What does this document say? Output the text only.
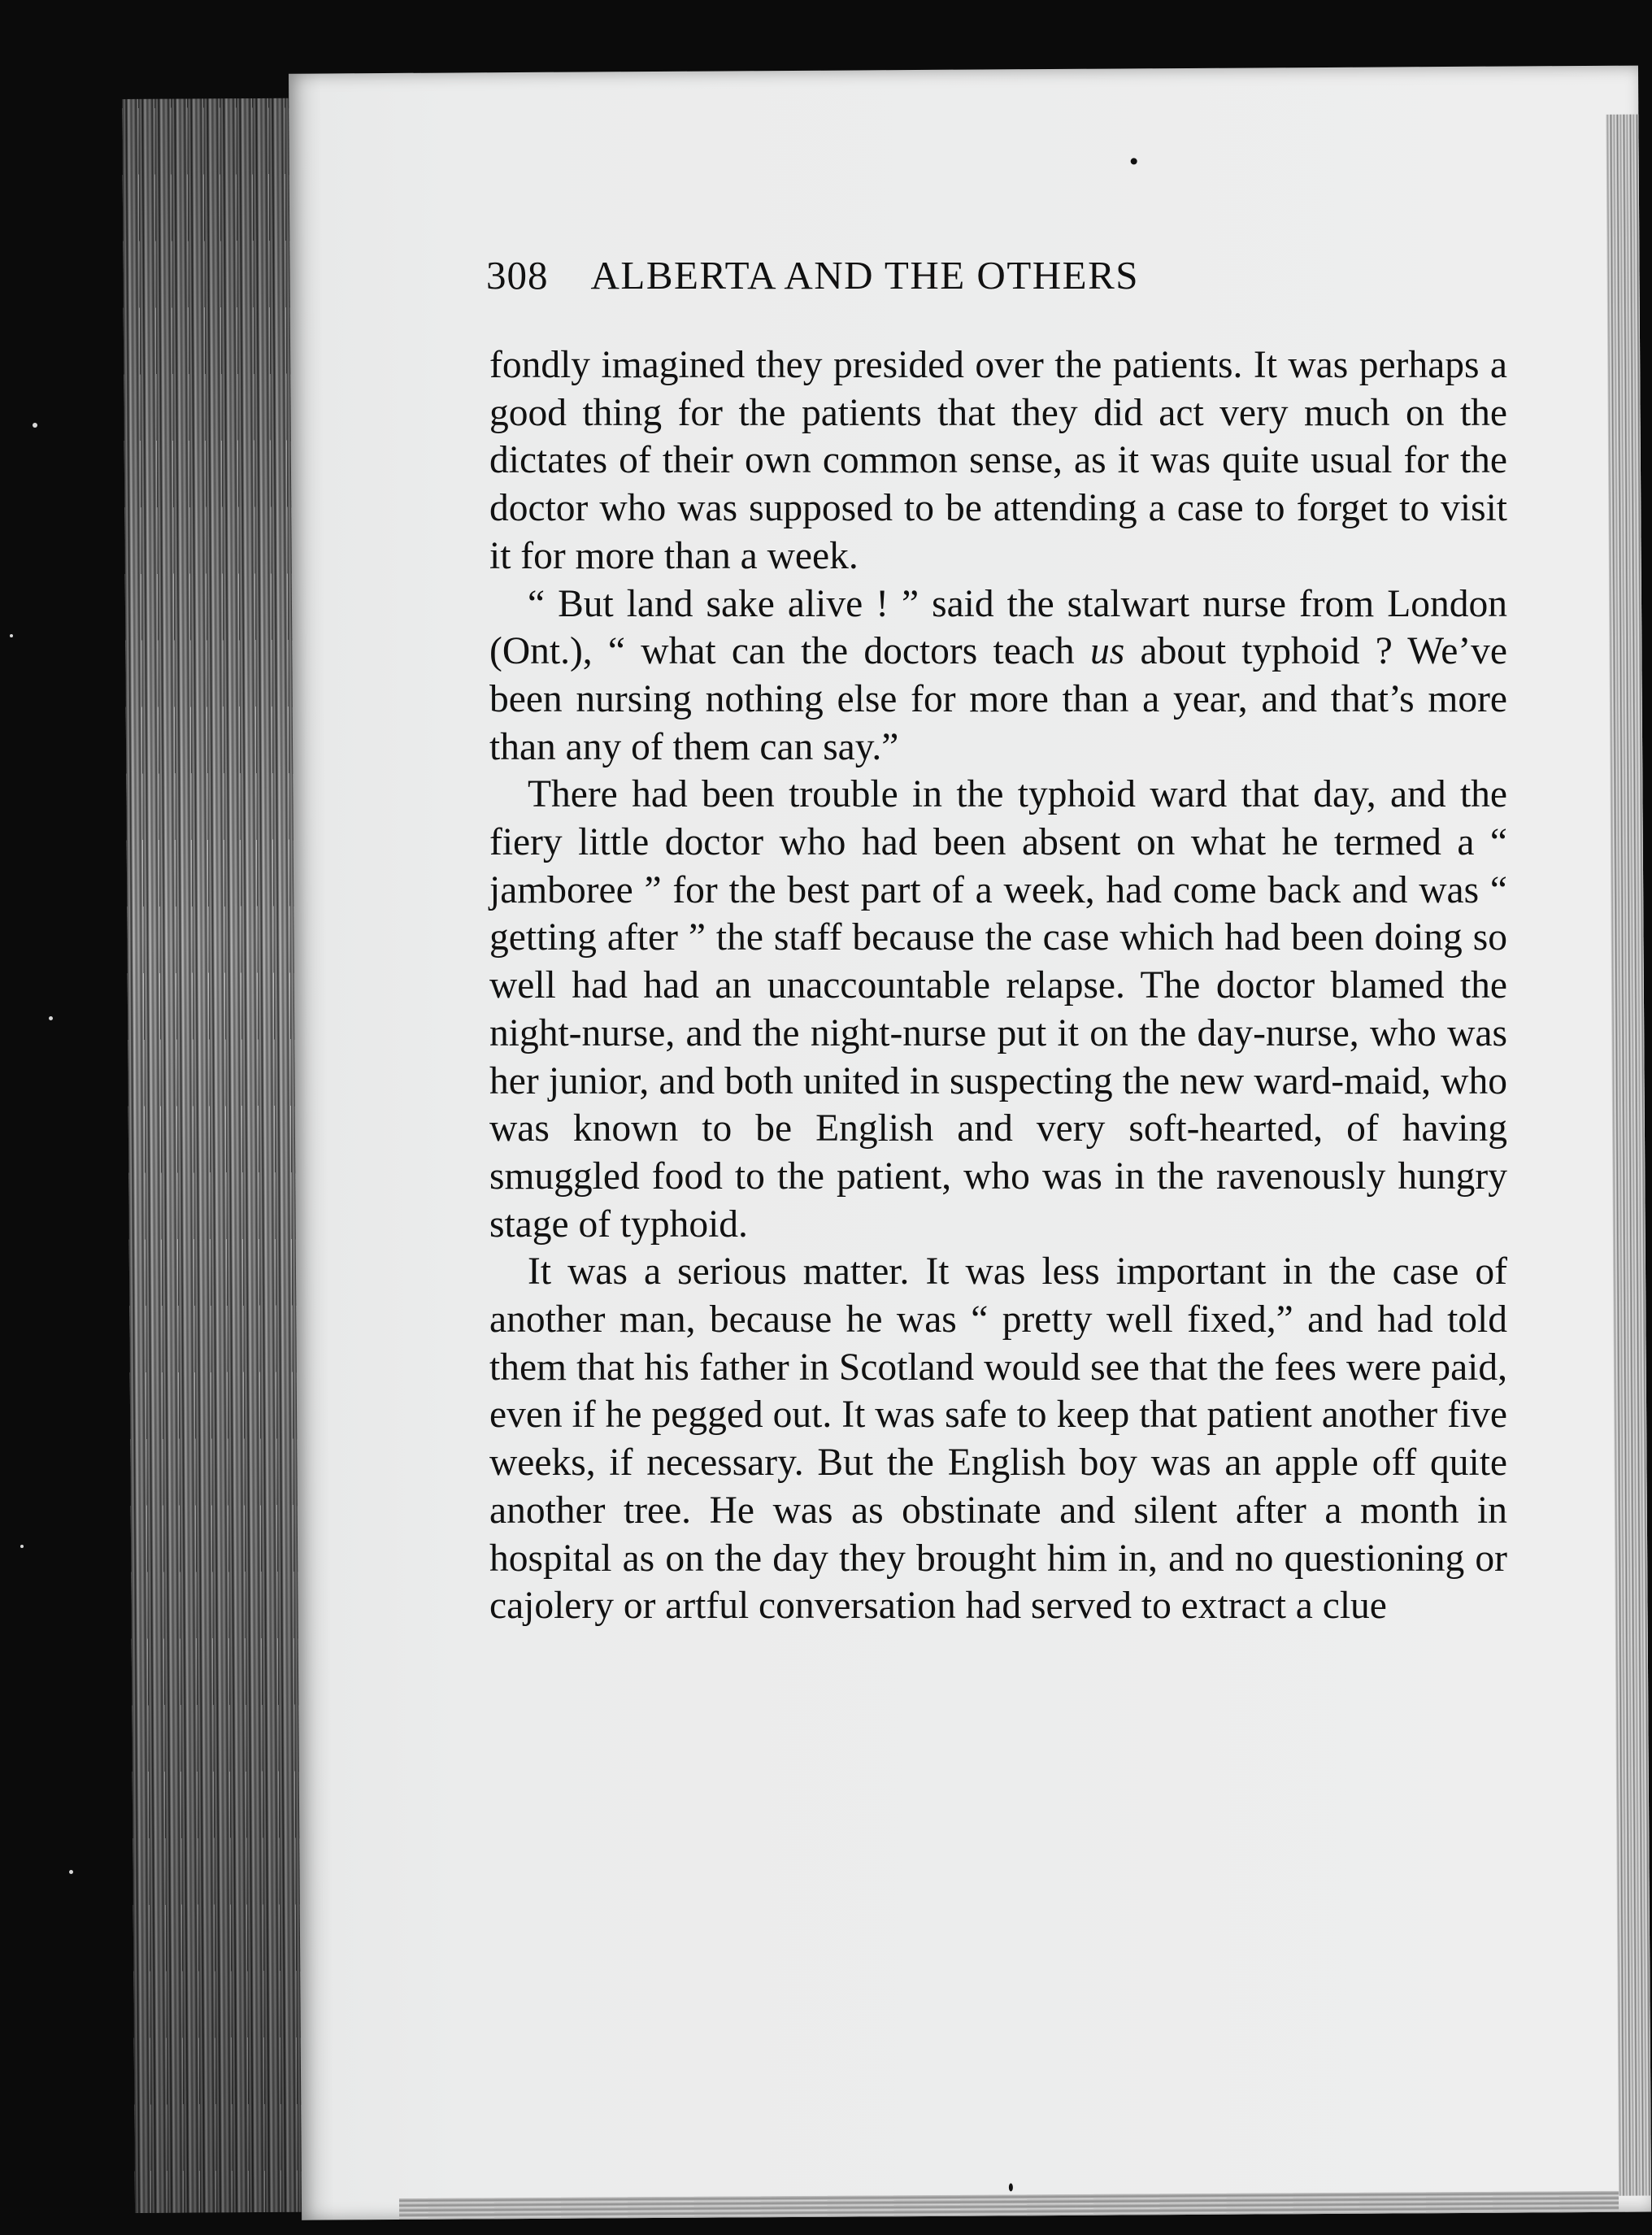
308 ALBERTA AND THE OTHERS

fondly imagined they presided over the patients. It was perhaps a good thing for the patients that they did act very much on the dictates of their own common sense, as it was quite usual for the doctor who was supposed to be attending a case to forget to visit it for more than a week.

“ But land sake alive ! ” said the stalwart nurse from London (Ont.), “ what can the doctors teach us about typhoid ? We’ve been nursing nothing else for more than a year, and that’s more than any of them can say.”

There had been trouble in the typhoid ward that day, and the fiery little doctor who had been absent on what he termed a “ jamboree ” for the best part of a week, had come back and was “ getting after ” the staff because the case which had been doing so well had had an unaccountable relapse. The doctor blamed the night-nurse, and the night-nurse put it on the day-nurse, who was her junior, and both united in suspecting the new ward-maid, who was known to be English and very soft-hearted, of having smuggled food to the patient, who was in the ravenously hungry stage of typhoid.

It was a serious matter. It was less important in the case of another man, because he was “ pretty well fixed,” and had told them that his father in Scotland would see that the fees were paid, even if he pegged out. It was safe to keep that patient another five weeks, if necessary. But the English boy was an apple off quite another tree. He was as obstinate and silent after a month in hospital as on the day they brought him in, and no questioning or cajolery or artful conversation had served to extract a clue
